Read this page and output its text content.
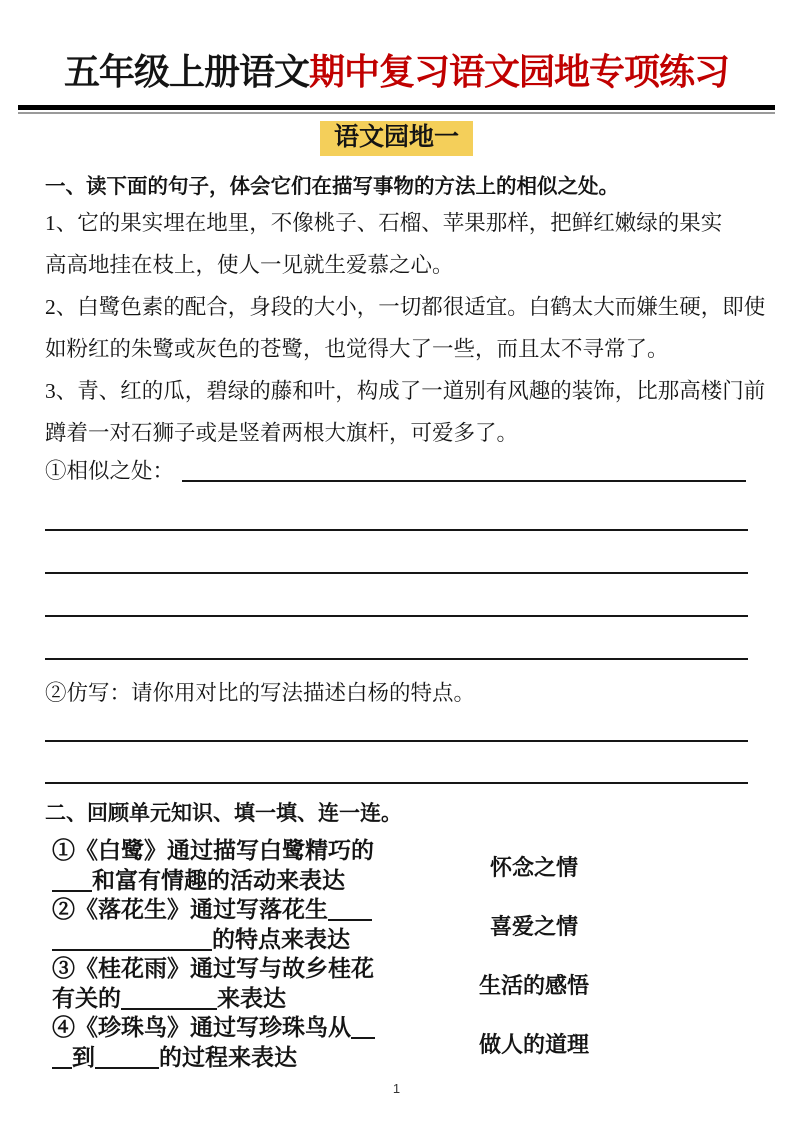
五年级上册语文期中复习语文园地专项练习
语文园地一
一、读下面的句子，体会它们在描写事物的方法上的相似之处。
1、它的果实埋在地里，不像桃子、石榴、苹果那样，把鲜红嫩绿的果实
高高地挂在枝上，使人一见就生爱慕之心。
2、白鹭色素的配合，身段的大小，一切都很适宜。白鹤太大而嫌生硬，即使
如粉红的朱鹭或灰色的苍鹭，也觉得大了一些，而且太不寻常了。
3、青、红的瓜，碧绿的藤和叶，构成了一道别有风趣的装饰，比那高楼门前
蹲着一对石狮子或是竖着两根大旗杆，可爱多了。
①相似之处：
②仿写：请你用对比的写法描述白杨的特点。
二、回顾单元知识、填一填、连一连。
①《白鹭》通过描写白鹭精巧的
和富有情趣的活动来表达
②《落花生》通过写落花生
的特点来表达
③《桂花雨》通过写与故乡桂花
有关的	来表达
④《珍珠鸟》通过写珍珠鸟从
到	的过程来表达
怀念之情
喜爱之情
生活的感悟
做人的道理
1
